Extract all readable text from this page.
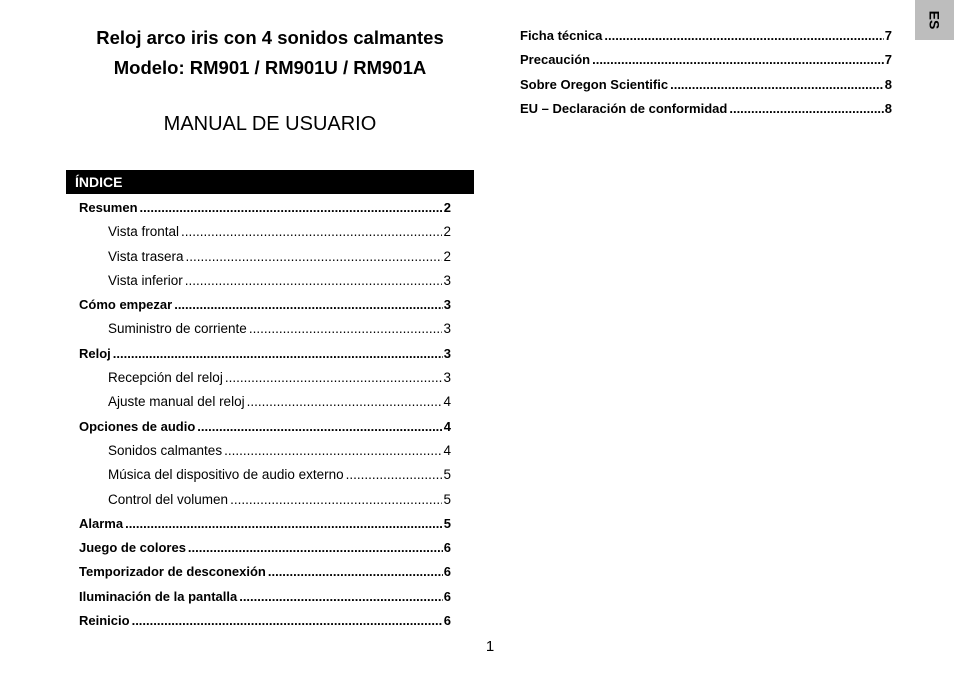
Reloj arco iris con 4 sonidos calmantes
Modelo: RM901 / RM901U / RM901A
MANUAL DE USUARIO
ÍNDICE
Resumen .....	2
Vista frontal .....	2
Vista trasera .....	2
Vista inferior .....	3
Cómo empezar .....	3
Suministro de corriente .....	3
Reloj .....	3
Recepción del reloj .....	3
Ajuste manual del reloj .....	4
Opciones de audio .....	4
Sonidos calmantes .....	4
Música del dispositivo de audio externo .....	5
Control del volumen .....	5
Alarma .....	5
Juego de colores .....	6
Temporizador de desconexión .....	6
Iluminación de la pantalla .....	6
Reinicio .....	6
Ficha técnica .....	7
Precaución .....	7
Sobre Oregon Scientific .....	8
EU – Declaración de conformidad .....	8
ES
1
